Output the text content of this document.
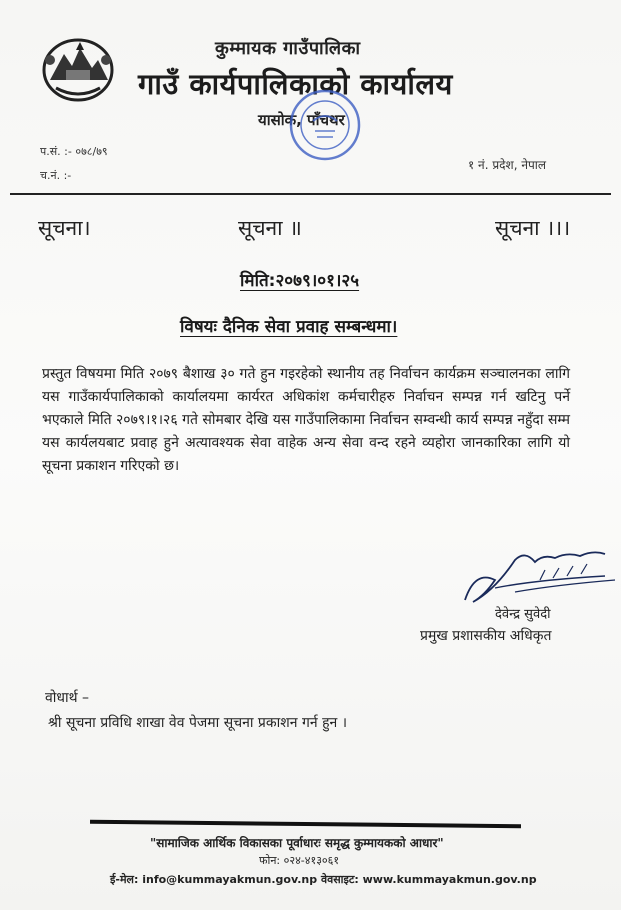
कुम्मायक गाउँपालिका
गाउँ कार्यपालिकाको कार्यालय
यासोक, पाँचथर
प.सं. :- ०७८/७९
च.नं. :-
१ नं. प्रदेश, नेपाल
सूचना।	सूचना ॥	सूचना ।।।
मिति:२०७९।०१।२५
विषयः दैनिक सेवा प्रवाह सम्बन्धमा।
प्रस्तुत विषयमा मिति २०७९ बैशाख ३० गते हुन गइरहेको स्थानीय तह निर्वाचन कार्यक्रम सञ्चालनका लागि यस गाउँकार्यपालिकाको कार्यालयमा कार्यरत अधिकांश कर्मचारीहरु निर्वाचन सम्पन्न गर्न खटिनु पर्ने भएकाले मिति २०७९।१।२६ गते सोमबार देखि यस गाउँपालिकामा निर्वाचन सम्वन्धी कार्य सम्पन्न नहुँदा सम्म यस कार्यलयबाट प्रवाह हुने अत्यावश्यक सेवा वाहेक अन्य सेवा वन्द रहने व्यहोरा जानकारिका लागि यो सूचना प्रकाशन गरिएको छ।
देवेन्द्र सुवेदी
प्रमुख प्रशासकीय अधिकृत
वोधार्थ –
श्री सूचना प्रविधि शाखा वेव पेजमा सूचना प्रकाशन गर्न हुन ।
"सामाजिक आर्थिक विकासका पूर्वाधारः समृद्ध कुम्मायकको आधार"
फोन: ०२४-४१३०६१
ई-मेल: info@kummayakmun.gov.np वेवसाइट: www.kummayakmun.gov.np
